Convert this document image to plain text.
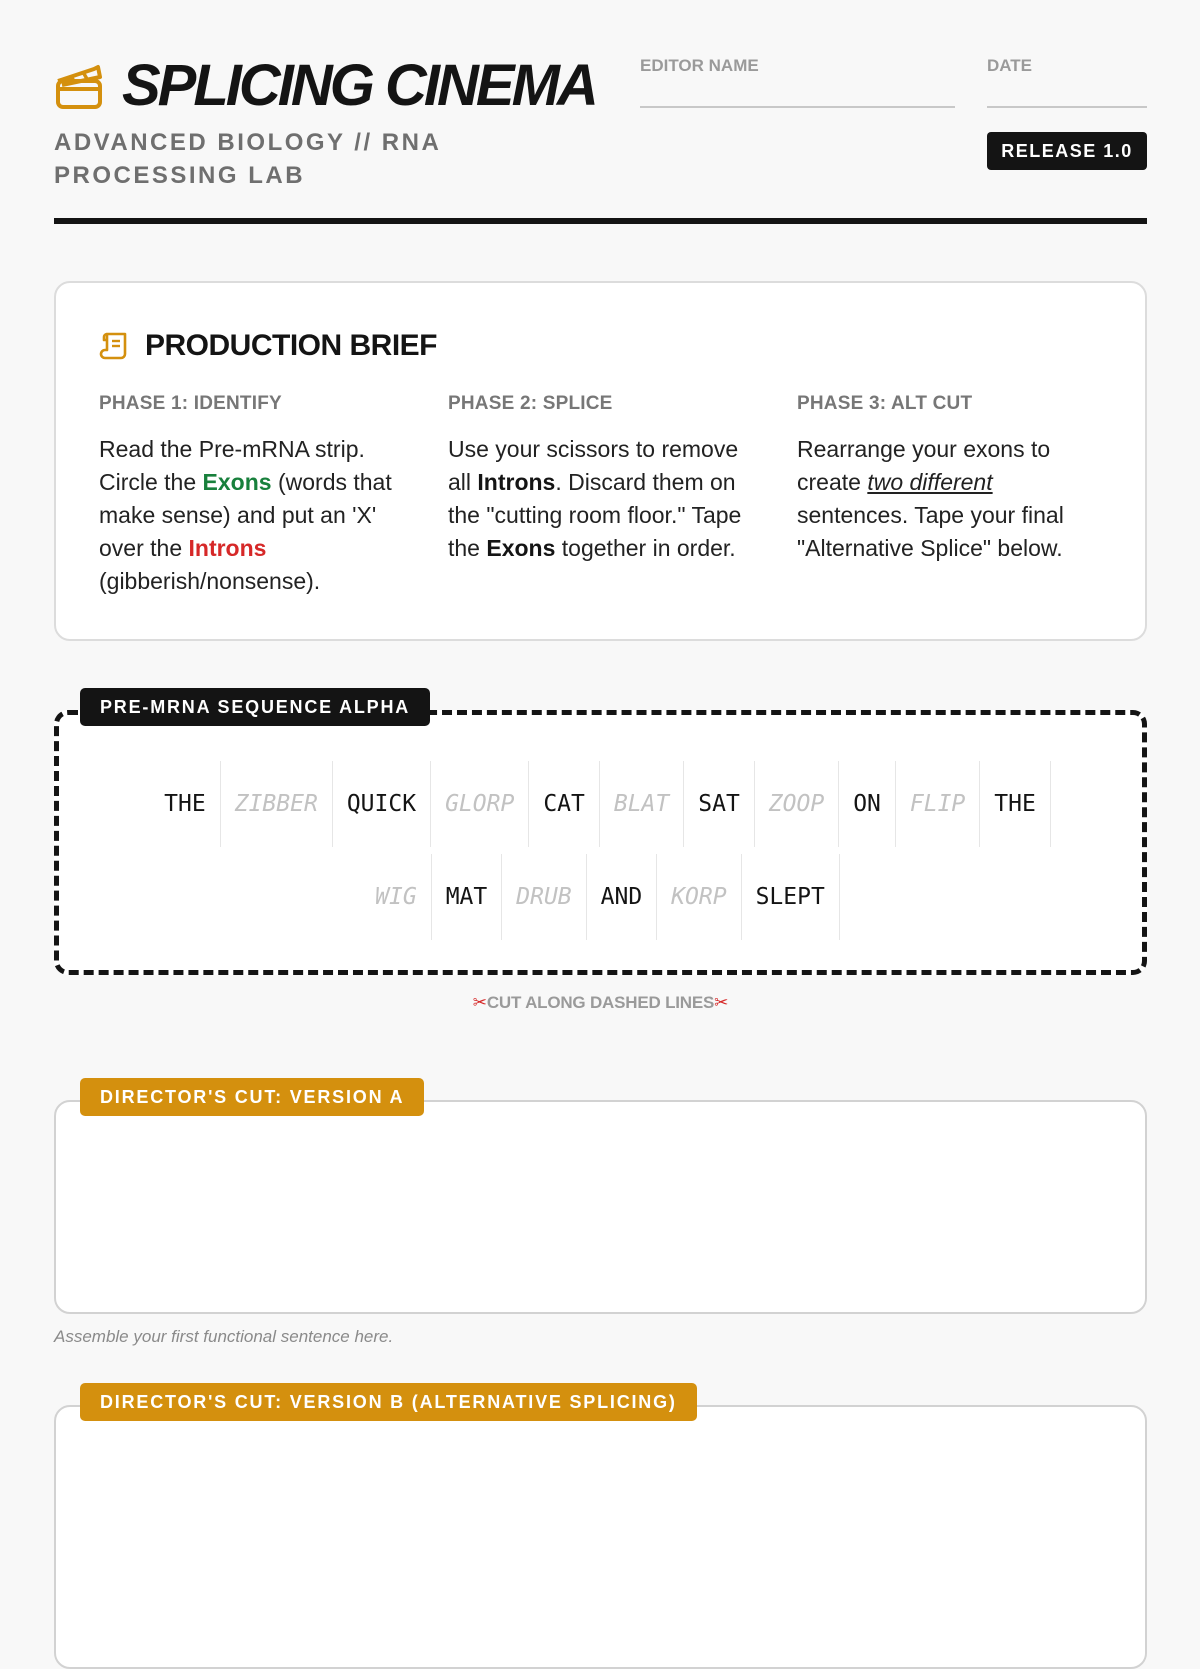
SPLICING CINEMA
ADVANCED BIOLOGY // RNA PROCESSING LAB
EDITOR NAME	DATE
RELEASE 1.0
PRODUCTION BRIEF
PHASE 1: IDENTIFY
Read the Pre-mRNA strip. Circle the Exons (words that make sense) and put an 'X' over the Introns (gibberish/nonsense).
PHASE 2: SPLICE
Use your scissors to remove all Introns. Discard them on the "cutting room floor." Tape the Exons together in order.
PHASE 3: ALT CUT
Rearrange your exons to create two different sentences. Tape your final "Alternative Splice" below.
THE	ZIBBER	QUICK	GLORP	CAT	BLAT	SAT	ZOOP	ON	FLIP	THE
WIG	MAT	DRUB	AND	KORP	SLEPT
PRE-MRNA SEQUENCE ALPHA
✂CUT ALONG DASHED LINES✂
DIRECTOR'S CUT: VERSION A
Assemble your first functional sentence here.
DIRECTOR'S CUT: VERSION B (ALTERNATIVE SPLICING)
